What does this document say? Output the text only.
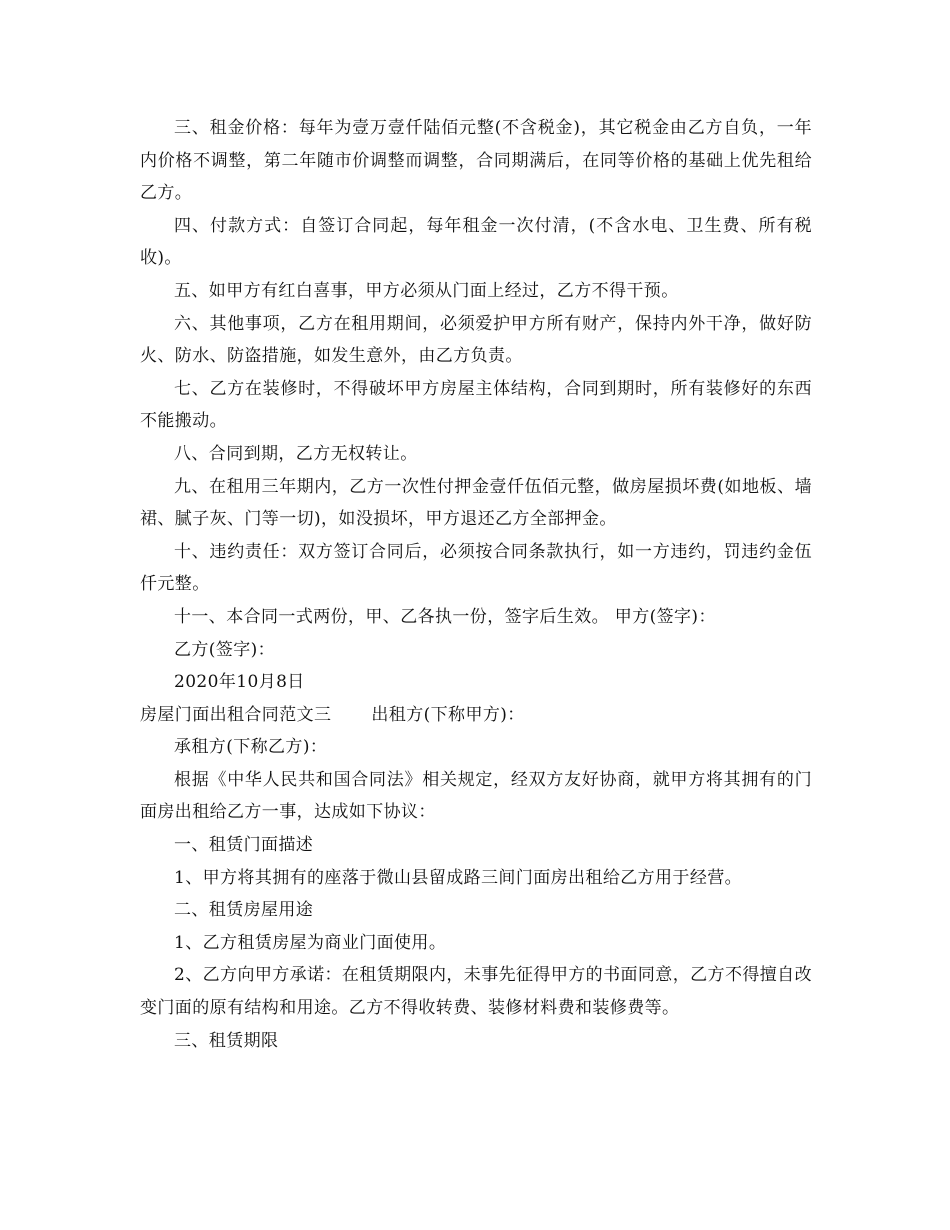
三、租金价格：每年为壹万壹仟陆佰元整(不含税金)，其它税金由乙方自负，一年内价格不调整，第二年随市价调整而调整，合同期满后，在同等价格的基础上优先租给乙方。

四、付款方式：自签订合同起，每年租金一次付清，(不含水电、卫生费、所有税收)。

五、如甲方有红白喜事，甲方必须从门面上经过，乙方不得干预。

六、其他事项，乙方在租用期间，必须爱护甲方所有财产，保持内外干净，做好防火、防水、防盗措施，如发生意外，由乙方负责。

七、乙方在装修时，不得破坏甲方房屋主体结构，合同到期时，所有装修好的东西不能搬动。

八、合同到期，乙方无权转让。

九、在租用三年期内，乙方一次性付押金壹仟伍佰元整，做房屋损坏费(如地板、墙裙、腻子灰、门等一切)，如没损坏，甲方退还乙方全部押金。

十、违约责任：双方签订合同后，必须按合同条款执行，如一方违约，罚违约金伍仟元整。

十一、本合同一式两份，甲、乙各执一份，签字后生效。 甲方(签字)：

乙方(签字)：

2020年10月8日

房屋门面出租合同范文三 出租方(下称甲方)：

承租方(下称乙方)：

根据《中华人民共和国合同法》相关规定，经双方友好协商，就甲方将其拥有的门面房出租给乙方一事，达成如下协议：

一、租赁门面描述

1、甲方将其拥有的座落于微山县留成路三间门面房出租给乙方用于经营。

二、租赁房屋用途

1、乙方租赁房屋为商业门面使用。

2、乙方向甲方承诺：在租赁期限内，未事先征得甲方的书面同意，乙方不得擅自改变门面的原有结构和用途。乙方不得收转费、装修材料费和装修费等。

三、租赁期限
